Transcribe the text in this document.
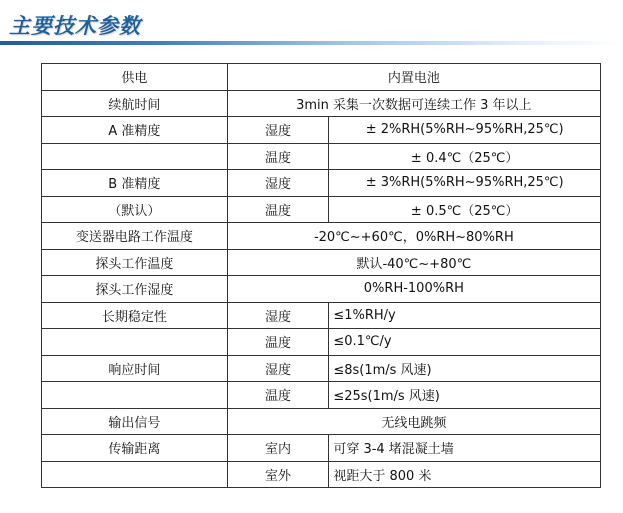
主要技术参数
供电	内置电池	
续航时间	3min 采集一次数据可连续工作 3 年以上	
A 准精度	湿度	± 2%RH(5%RH~95%RH,25℃)
	温度	± 0.4℃（25℃）
B 准精度	湿度	± 3%RH(5%RH~95%RH,25℃)
（默认）	温度	± 0.5℃（25℃）
变送器电路工作温度	-20℃~+60℃，0%RH~80%RH	
探头工作温度	默认-40℃~+80℃	
探头工作湿度	0%RH-100%RH	
长期稳定性	湿度	≤1%RH/y
	温度	≤0.1℃/y
响应时间	湿度	≤8s(1m/s 风速)
	温度	≤25s(1m/s 风速)
输出信号	无线电跳频	
传输距离	室内	可穿 3-4 堵混凝土墙
	室外	视距大于 800 米
